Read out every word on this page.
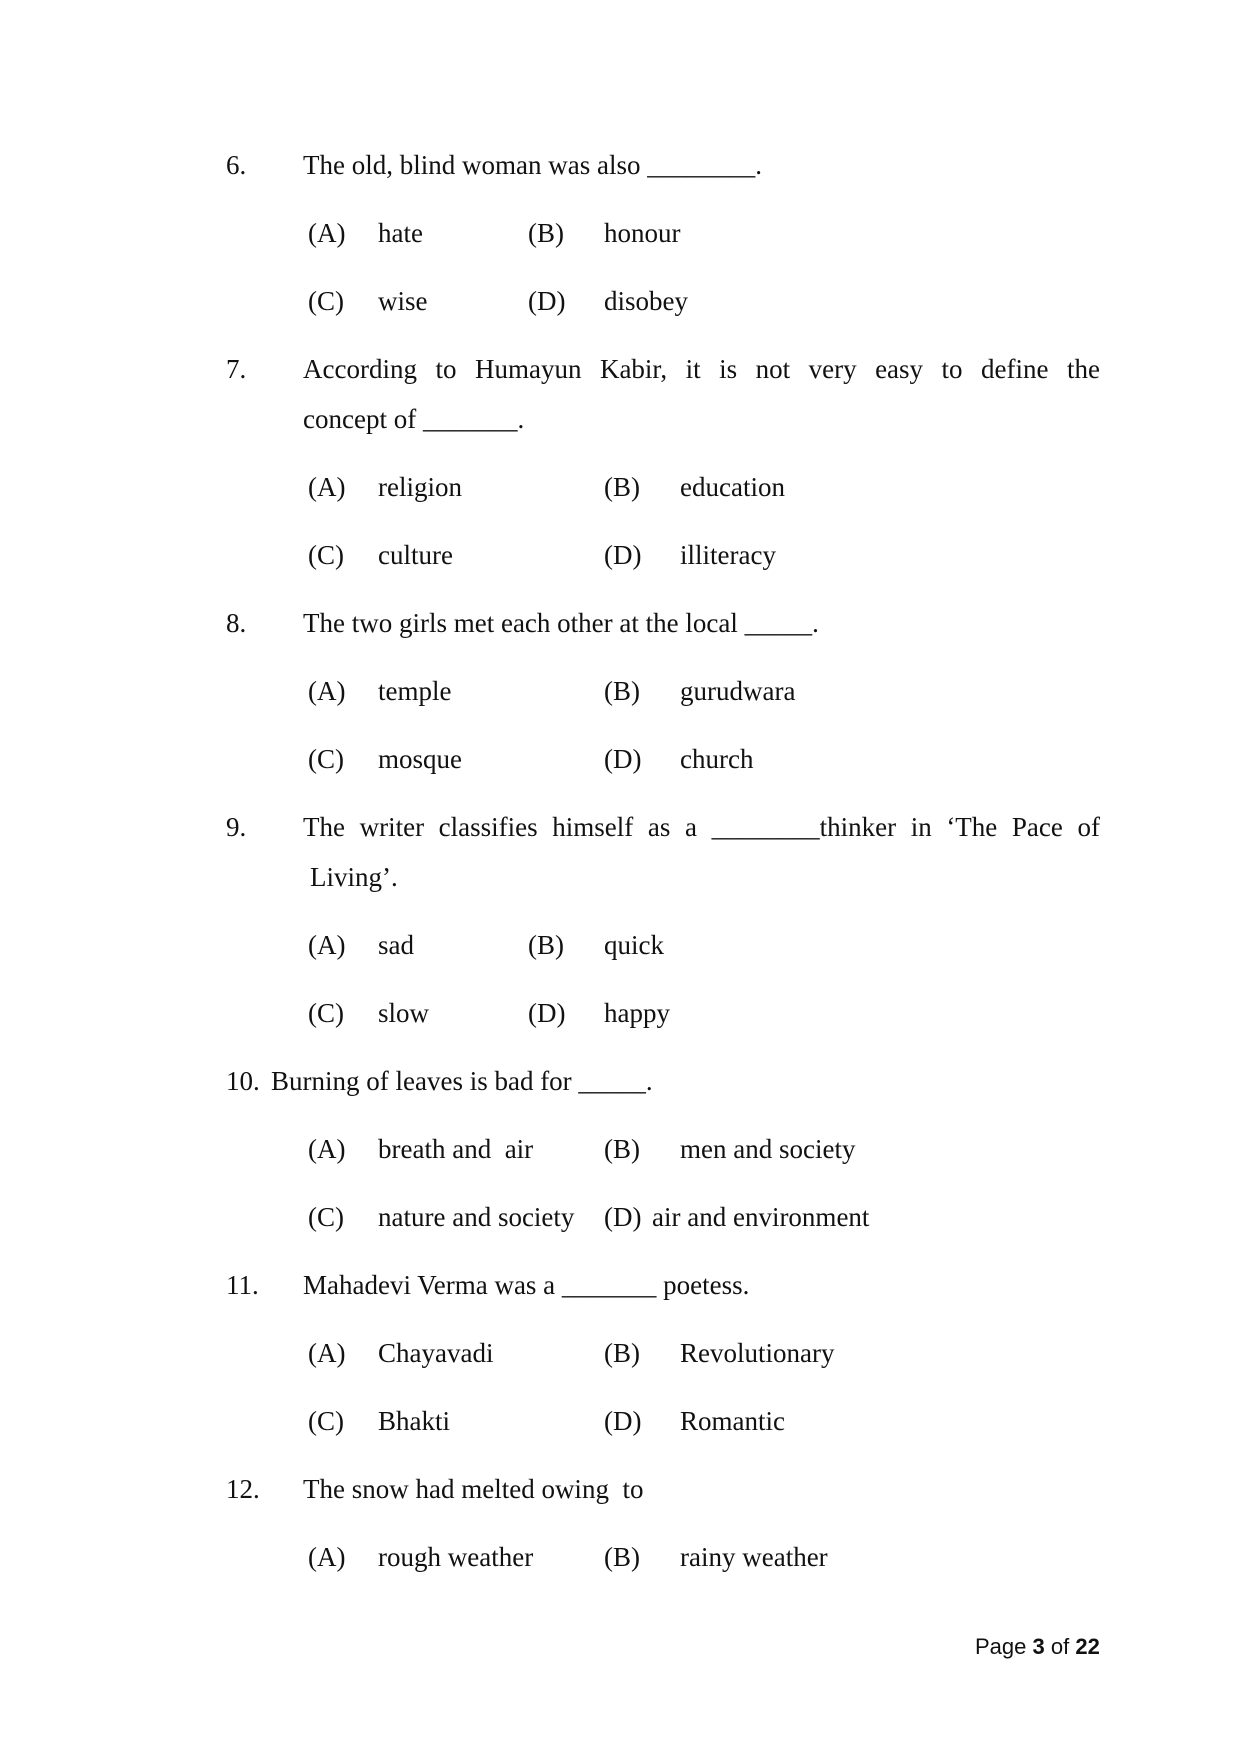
6. The old, blind woman was also ________.
(A) hate	(B) honour
(C) wise	(D) disobey
7. According to Humayun Kabir, it is not very easy to define the
concept of _______.
(A) religion	(B) education
(C) culture	(D) illiteracy
8. The two girls met each other at the local _____.
(A) temple	(B) gurudwara
(C) mosque	(D) church
9. The writer classifies himself as a ________thinker in ‘The Pace of
Living’.
(A) sad	(B) quick
(C) slow	(D) happy
10. Burning of leaves is bad for _____.
(A) breath and  air	(B) men and society
(C) nature and society (D) air and environment
11. Mahadevi Verma was a _______ poetess.
(A) Chayavadi	(B) Revolutionary
(C) Bhakti	(D) Romantic
12. The snow had melted owing  to
(A) rough weather	(B) rainy weather
Page 3 of 22
